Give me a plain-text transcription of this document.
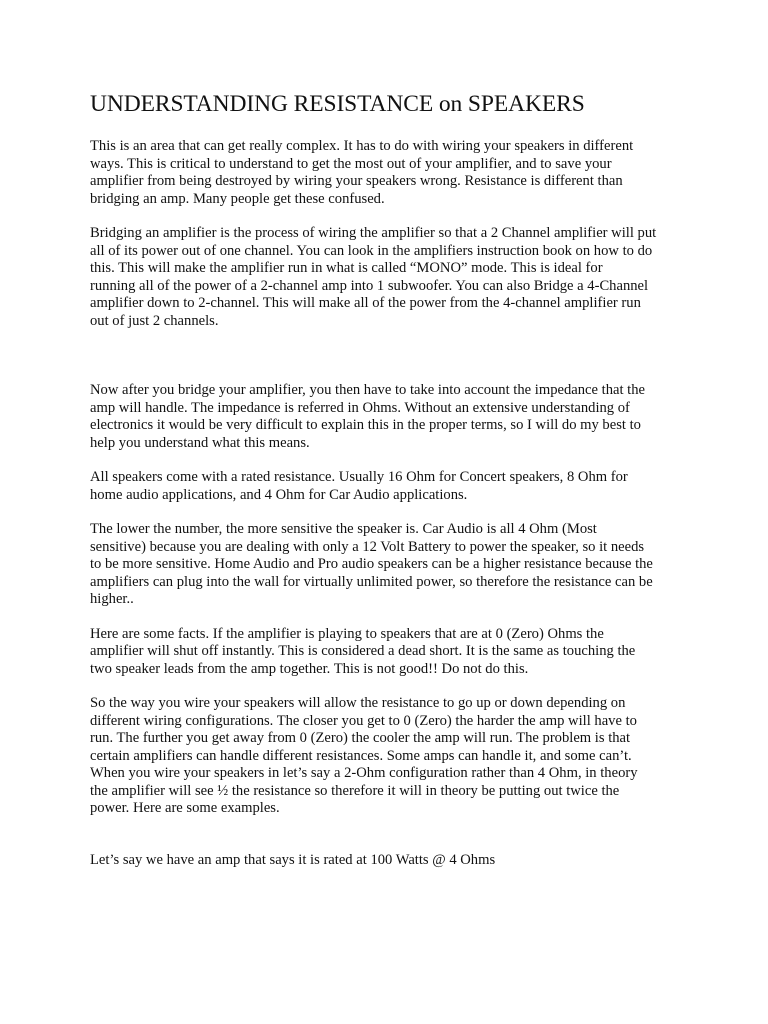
UNDERSTANDING RESISTANCE on SPEAKERS

This is an area that can get really complex. It has to do with wiring your speakers in different
ways. This is critical to understand to get the most out of your amplifier, and to save your
amplifier from being destroyed by wiring your speakers wrong. Resistance is different than
bridging an amp. Many people get these confused.

Bridging an amplifier is the process of wiring the amplifier so that a 2 Channel amplifier will put
all of its power out of one channel. You can look in the amplifiers instruction book on how to do
this. This will make the amplifier run in what is called “MONO” mode. This is ideal for
running all of the power of a 2-channel amp into 1 subwoofer. You can also Bridge a 4-Channel
amplifier down to 2-channel. This will make all of the power from the 4-channel amplifier run
out of just 2 channels.

Now after you bridge your amplifier, you then have to take into account the impedance that the
amp will handle. The impedance is referred in Ohms. Without an extensive understanding of
electronics it would be very difficult to explain this in the proper terms, so I will do my best to
help you understand what this means.

All speakers come with a rated resistance. Usually 16 Ohm for Concert speakers, 8 Ohm for
home audio applications, and 4 Ohm for Car Audio applications.

The lower the number, the more sensitive the speaker is. Car Audio is all 4 Ohm (Most
sensitive) because you are dealing with only a 12 Volt Battery to power the speaker, so it needs
to be more sensitive. Home Audio and Pro audio speakers can be a higher resistance because the
amplifiers can plug into the wall for virtually unlimited power, so therefore the resistance can be
higher..

Here are some facts. If the amplifier is playing to speakers that are at 0 (Zero) Ohms the
amplifier will shut off instantly. This is considered a dead short. It is the same as touching the
two speaker leads from the amp together. This is not good!! Do not do this.

So the way you wire your speakers will allow the resistance to go up or down depending on
different wiring configurations. The closer you get to 0 (Zero) the harder the amp will have to
run. The further you get away from 0 (Zero) the cooler the amp will run. The problem is that
certain amplifiers can handle different resistances. Some amps can handle it, and some can’t.
When you wire your speakers in let’s say a 2-Ohm configuration rather than 4 Ohm, in theory
the amplifier will see ½ the resistance so therefore it will in theory be putting out twice the
power. Here are some examples.

Let’s say we have an amp that says it is rated at 100 Watts @ 4 Ohms
